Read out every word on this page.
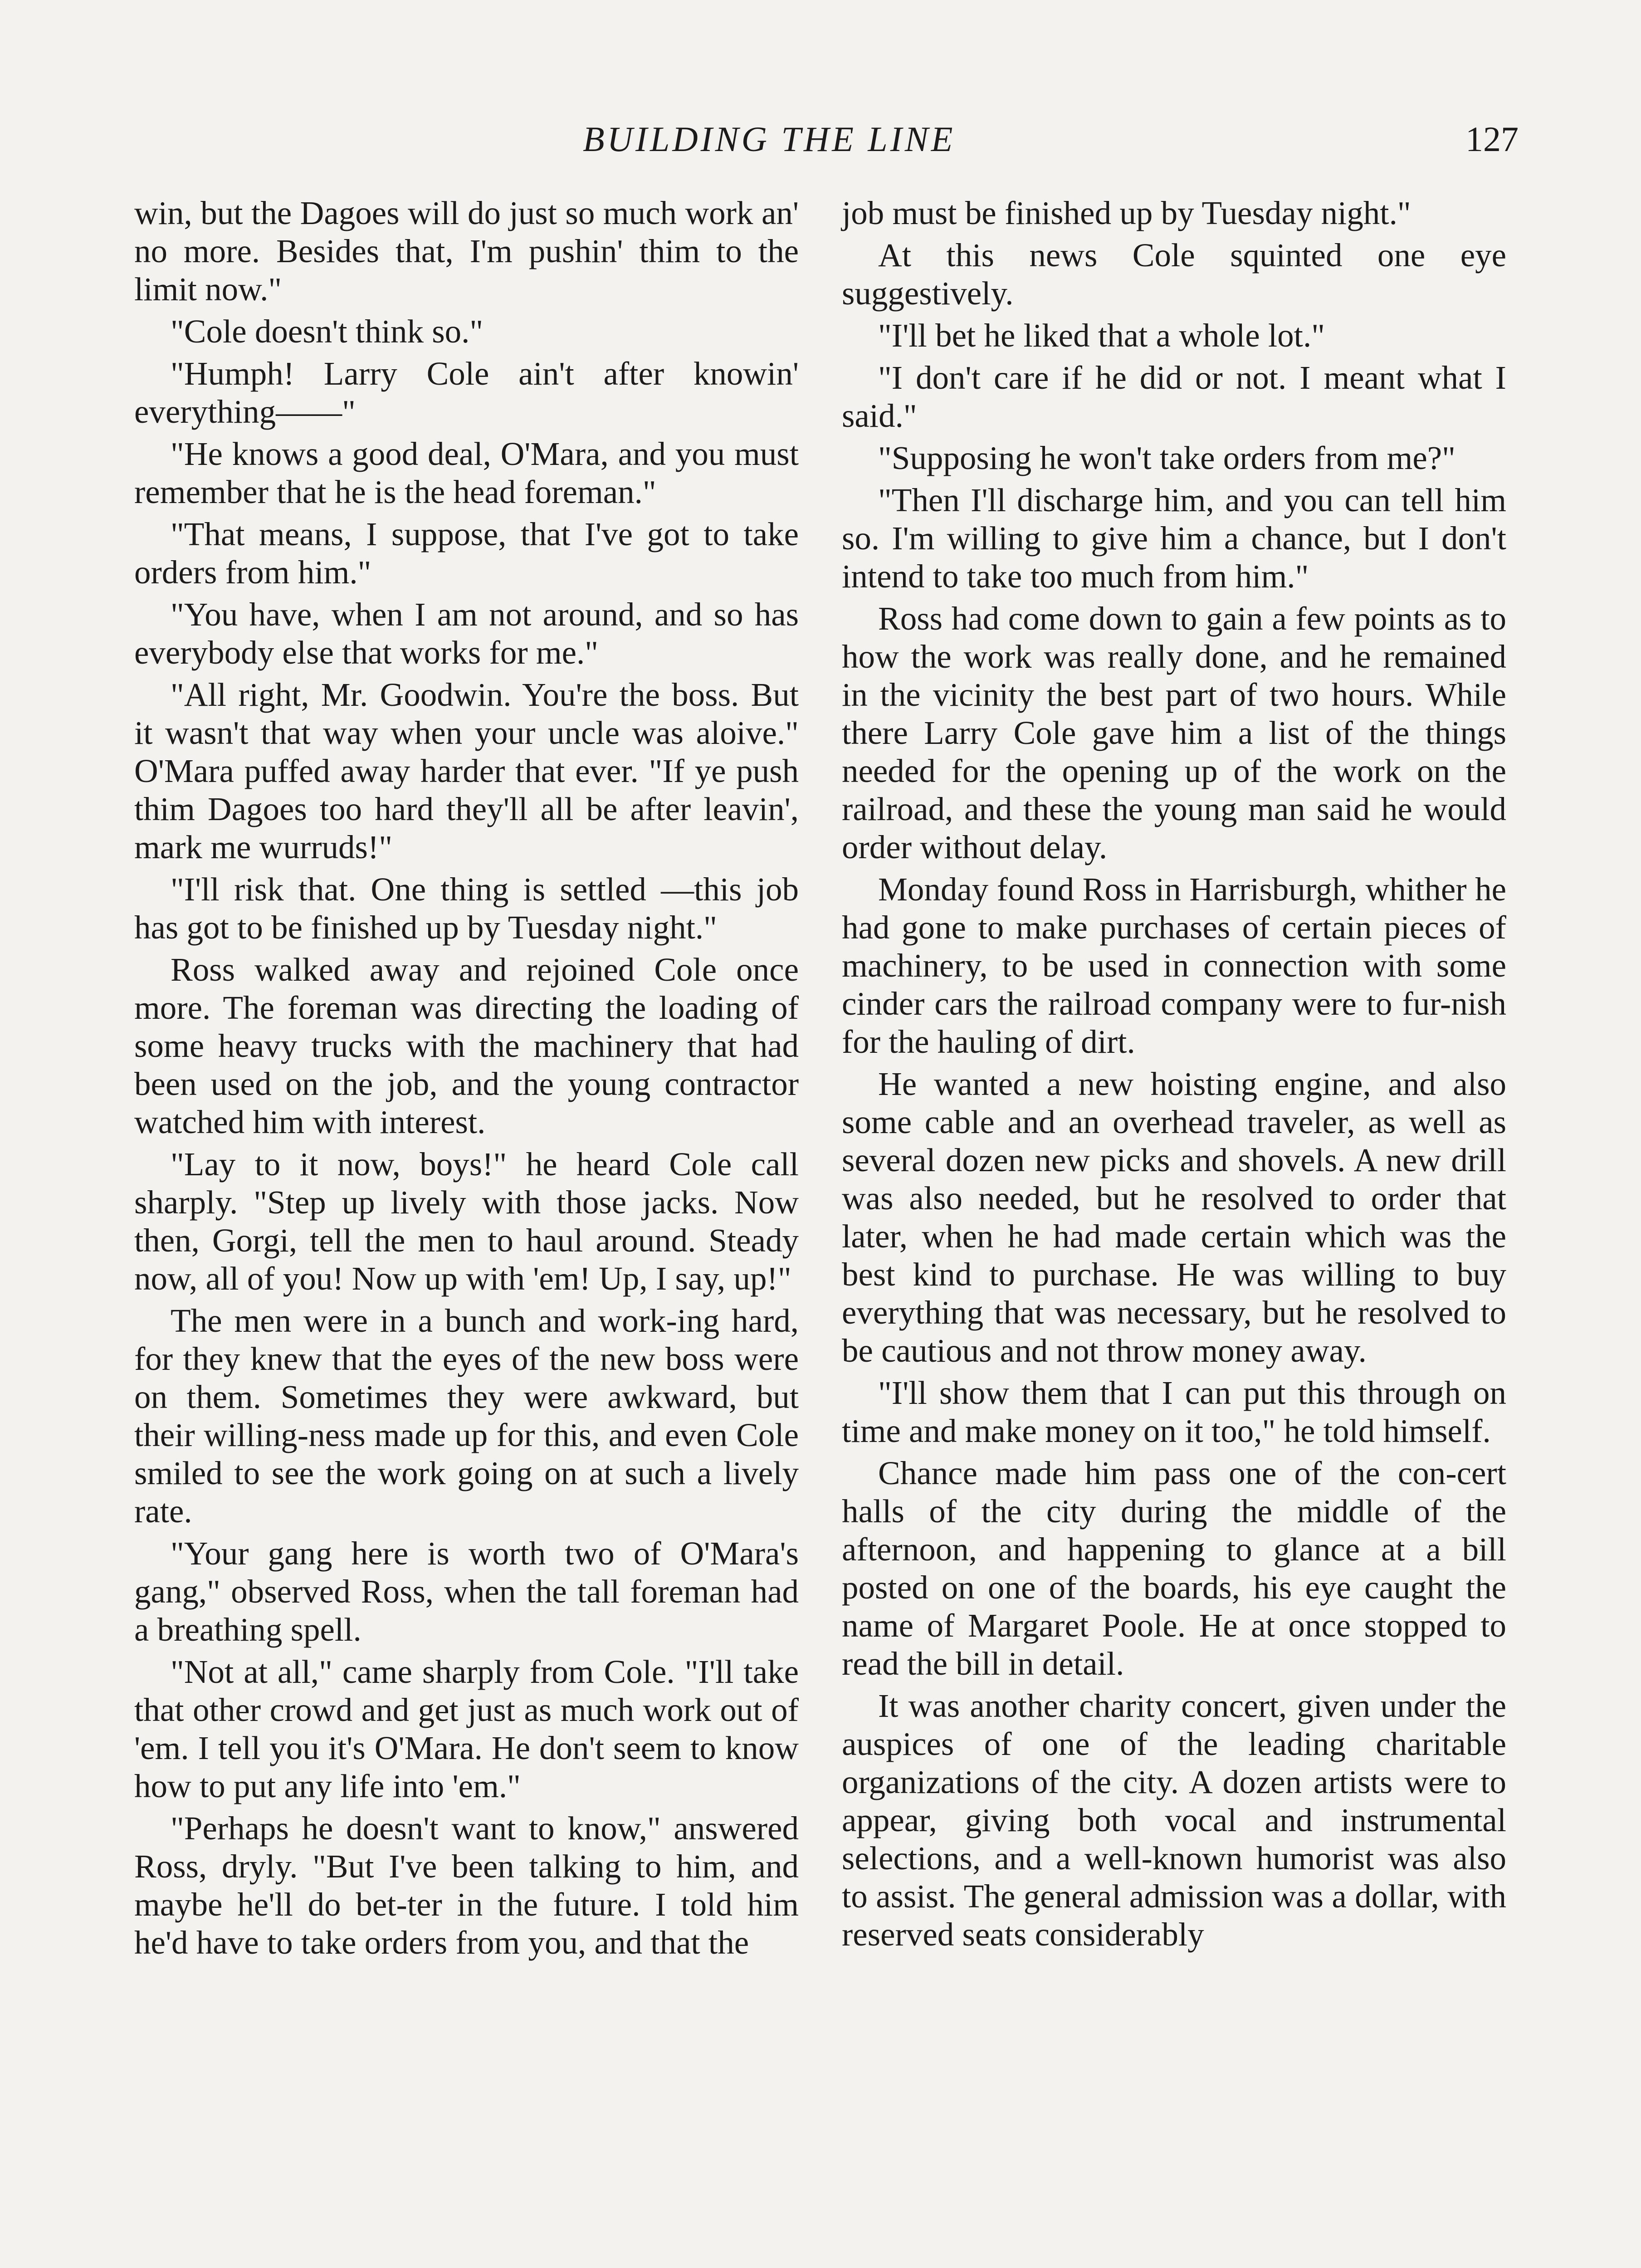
BUILDING THE LINE	127

win, but the Dagoes will do just so much work an' no more. Besides that, I'm pushin' thim to the limit now."

"Cole doesn't think so."

"Humph! Larry Cole ain't after knowin' everything——"

"He knows a good deal, O'Mara, and you must remember that he is the head foreman."

"That means, I suppose, that I've got to take orders from him."

"You have, when I am not around, and so has everybody else that works for me."

"All right, Mr. Goodwin. You're the boss. But it wasn't that way when your uncle was aloive." O'Mara puffed away harder that ever. "If ye push thim Dagoes too hard they'll all be after leavin', mark me wurruds!"

"I'll risk that. One thing is settled —this job has got to be finished up by Tuesday night."

Ross walked away and rejoined Cole once more. The foreman was directing the loading of some heavy trucks with the machinery that had been used on the job, and the young contractor watched him with interest.

"Lay to it now, boys!" he heard Cole call sharply. "Step up lively with those jacks. Now then, Gorgi, tell the men to haul around. Steady now, all of you! Now up with 'em! Up, I say, up!"

The men were in a bunch and work-ing hard, for they knew that the eyes of the new boss were on them. Sometimes they were awkward, but their willing-ness made up for this, and even Cole smiled to see the work going on at such a lively rate.

"Your gang here is worth two of O'Mara's gang," observed Ross, when the tall foreman had a breathing spell.

"Not at all," came sharply from Cole. "I'll take that other crowd and get just as much work out of 'em. I tell you it's O'Mara. He don't seem to know how to put any life into 'em."

"Perhaps he doesn't want to know," answered Ross, dryly. "But I've been talking to him, and maybe he'll do bet-ter in the future. I told him he'd have to take orders from you, and that the

job must be finished up by Tuesday night."

At this news Cole squinted one eye suggestively.

"I'll bet he liked that a whole lot."

"I don't care if he did or not. I meant what I said."

"Supposing he won't take orders from me?"

"Then I'll discharge him, and you can tell him so. I'm willing to give him a chance, but I don't intend to take too much from him."

Ross had come down to gain a few points as to how the work was really done, and he remained in the vicinity the best part of two hours. While there Larry Cole gave him a list of the things needed for the opening up of the work on the railroad, and these the young man said he would order without delay.

Monday found Ross in Harrisburgh, whither he had gone to make purchases of certain pieces of machinery, to be used in connection with some cinder cars the railroad company were to fur-nish for the hauling of dirt.

He wanted a new hoisting engine, and also some cable and an overhead traveler, as well as several dozen new picks and shovels. A new drill was also needed, but he resolved to order that later, when he had made certain which was the best kind to purchase. He was willing to buy everything that was necessary, but he resolved to be cautious and not throw money away.

"I'll show them that I can put this through on time and make money on it too," he told himself.

Chance made him pass one of the con-cert halls of the city during the middle of the afternoon, and happening to glance at a bill posted on one of the boards, his eye caught the name of Margaret Poole. He at once stopped to read the bill in detail.

It was another charity concert, given under the auspices of one of the leading charitable organizations of the city. A dozen artists were to appear, giving both vocal and instrumental selections, and a well-known humorist was also to assist. The general admission was a dollar, with reserved seats considerably
